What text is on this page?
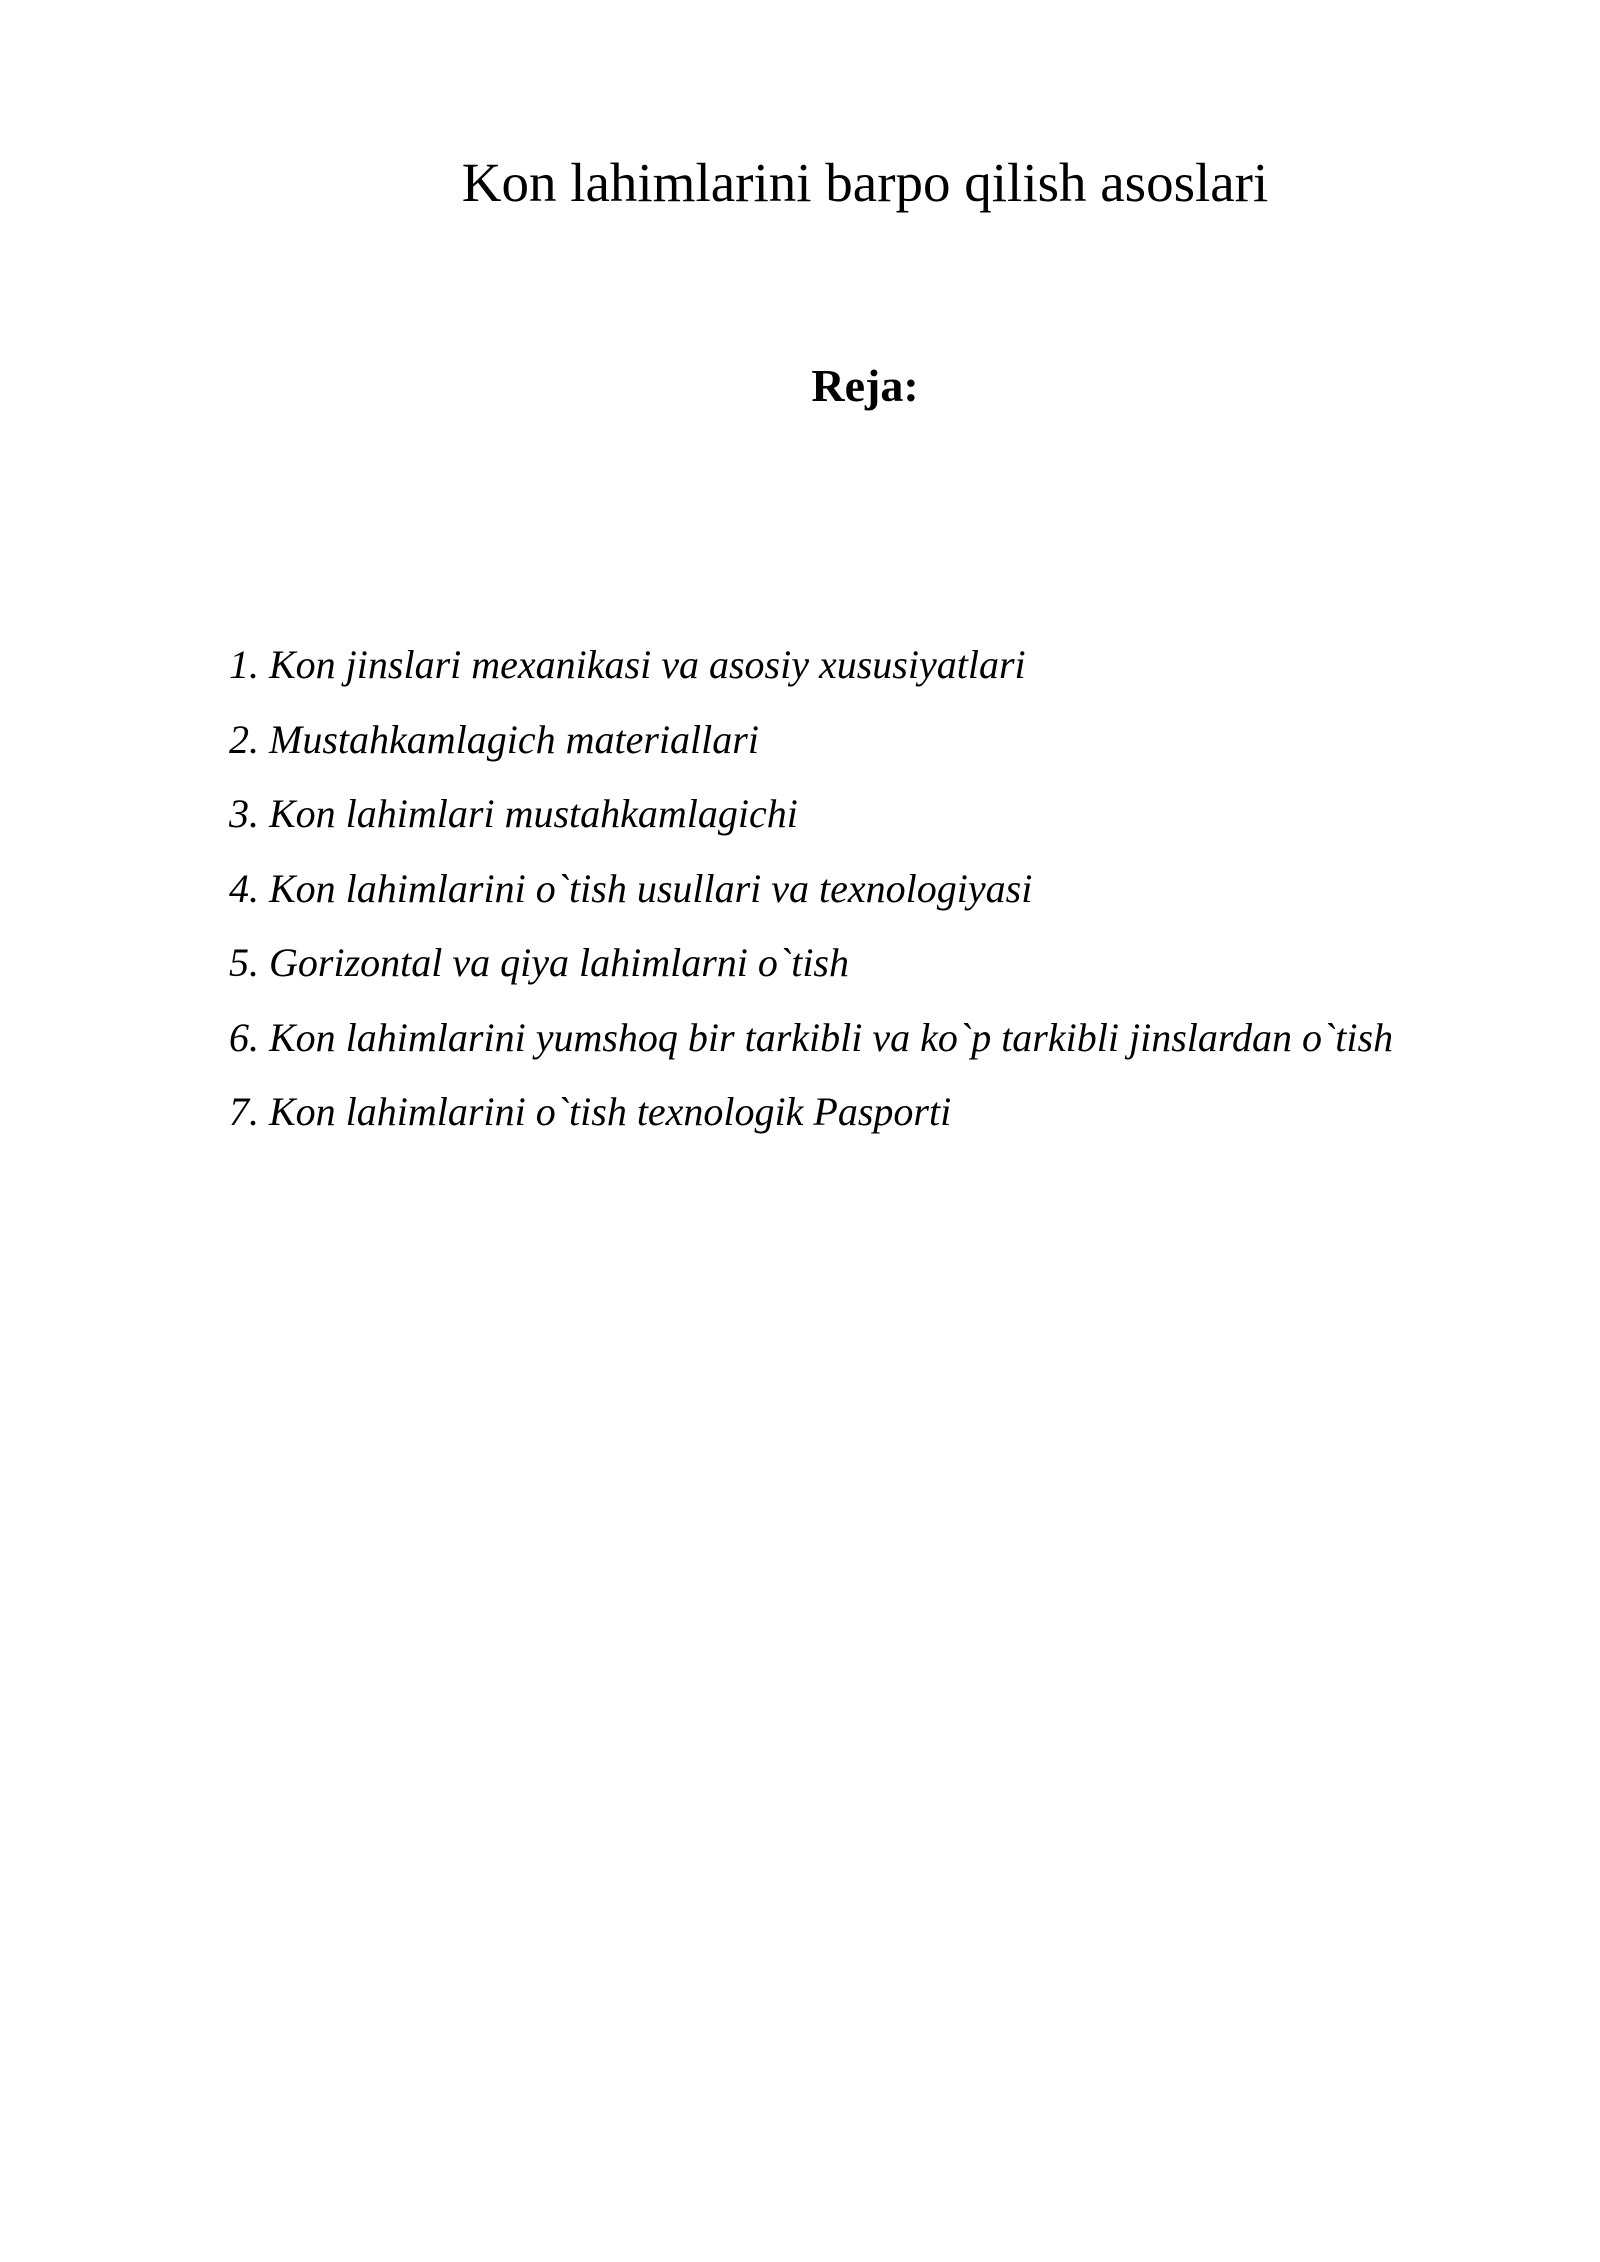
Kon lahimlarini barpo qilish asoslari
Reja:
1. Kon jinslari mexanikasi va asosiy xususiyatlari
2. Mustahkamlagich materiallari
3. Kon lahimlari mustahkamlagichi
4. Kon lahimlarini o`tish usullari va texnologiyasi
5. Gorizontal va qiya lahimlarni o`tish
6. Kon lahimlarini yumshoq bir tarkibli va ko`p tarkibli jinslardan o`tish
7. Kon lahimlarini o`tish texnologik Pasporti
